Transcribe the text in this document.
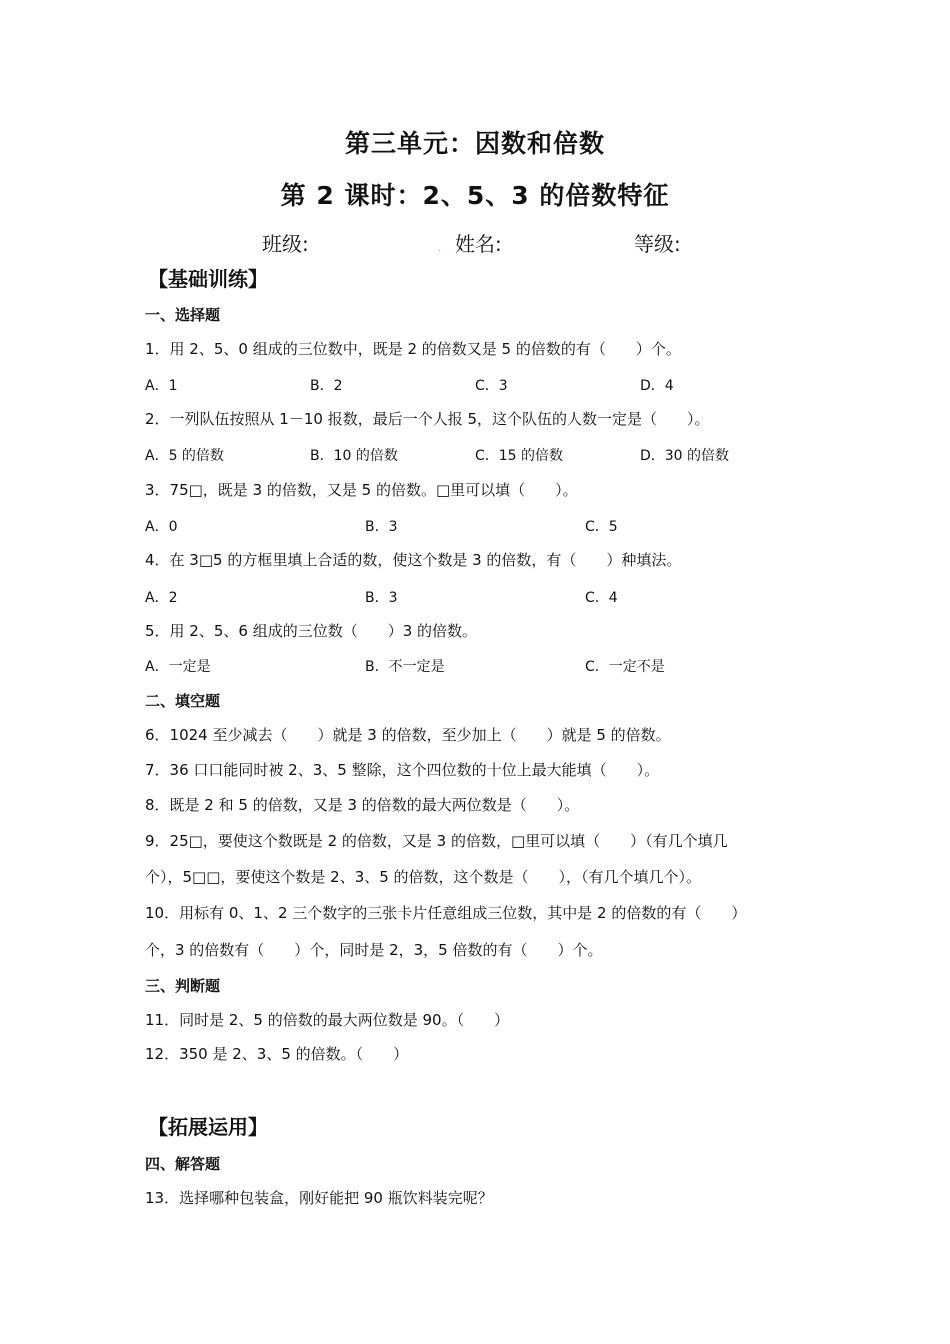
第三单元：因数和倍数
第 2 课时：2、5、3 的倍数特征
班级:	. 姓名:	等级:
【基础训练】
一、选择题
1．用 2、5、0 组成的三位数中，既是 2 的倍数又是 5 的倍数的有（　　）个。
A．1	B．2	C．3	D．4
2．一列队伍按照从 1－10 报数，最后一个人报 5，这个队伍的人数一定是（　　）。
A．5 的倍数	B．10 的倍数	C．15 的倍数	D．30 的倍数
3．75□，既是 3 的倍数，又是 5 的倍数。□里可以填（　　）。
A．0	B．3	C．5
4．在 3□5 的方框里填上合适的数，使这个数是 3 的倍数，有（　　）种填法。
A．2	B．3	C．4
5．用 2、5、6 组成的三位数（　　）3 的倍数。
A．一定是	B．不一定是	C．一定不是
二、填空题
6．1024 至少减去（　　）就是 3 的倍数，至少加上（　　）就是 5 的倍数。
7．36 口口能同时被 2、3、5 整除，这个四位数的十位上最大能填（　　）。
8．既是 2 和 5 的倍数，又是 3 的倍数的最大两位数是（　　）。
9．25□，要使这个数既是 2 的倍数，又是 3 的倍数，□里可以填（　　）（有几个填几
个），5□□，要使这个数是 2、3、5 的倍数，这个数是（　　），（有几个填几个）。
10．用标有 0、1、2 三个数字的三张卡片任意组成三位数，其中是 2 的倍数的有（　　）
个，3 的倍数有（　　）个，同时是 2，3，5 倍数的有（　　）个。
三、判断题
11．同时是 2、5 的倍数的最大两位数是 90。（　　）
12．350 是 2、3、5 的倍数。（　　）
【拓展运用】
四、解答题
13．选择哪种包装盒，刚好能把 90 瓶饮料装完呢？
